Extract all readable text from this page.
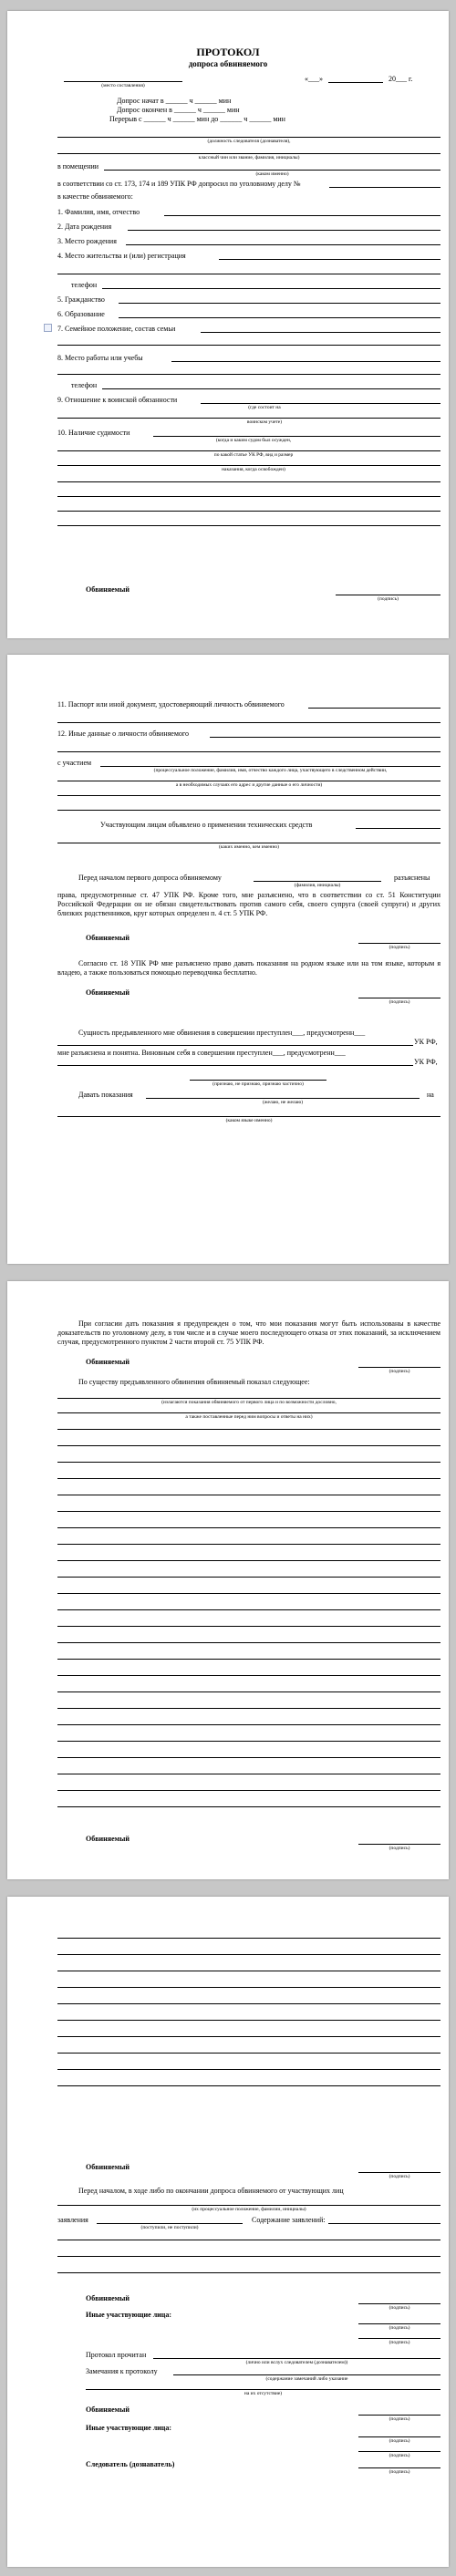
ПРОТОКОЛ
допроса обвиняемого
(место составления)
«___»	20___ г.
Допрос начат в ______ ч ______ мин
Допрос окончен в ______ ч ______ мин
Перерыв с ______ ч ______ мин до ______ ч ______ мин
(должность следователя (дознавателя),
классный чин или звание, фамилия, инициалы)
в помещении
(каком именно)
в соответствии со ст. 173, 174 и 189 УПК РФ допросил по уголовному делу №
в качестве обвиняемого:
1. Фамилия, имя, отчество
2. Дата рождения
3. Место рождения
4. Место жительства и (или) регистрация
телефон
5. Гражданство
6. Образование
7. Семейное положение, состав семьи
8. Место работы или учебы
телефон
9. Отношение к воинской обязанности
(где состоит на
воинском учете)
10. Наличие судимости
(когда и каким судом был осужден,
по какой статье УК РФ, вид и размер
наказания, когда освобожден)
Обвиняемый
(подпись)
11. Паспорт или иной документ, удостоверяющий личность обвиняемого
12. Иные данные о личности обвиняемого
с участием
(процессуальное положение, фамилия, имя, отчество каждого лица, участвующего в следственном действии,
а в необходимых случаях его адрес и другие данные о его личности)
Участвующим лицам объявлено о применении технических средств
(каких именно, кем именно)
Перед началом первого допроса обвиняемому
(фамилия, инициалы)
разъяснены
права, предусмотренные ст. 47 УПК РФ. Кроме того, мне разъяснено, что в соответствии со ст. 51 Конституции Российской Федерации он не обязан свидетельствовать против самого себя, своего супруга (своей супруги) и других близких родственников, круг которых определен п. 4 ст. 5 УПК РФ.
Обвиняемый
(подпись)
Согласно ст. 18 УПК РФ мне разъяснено право давать показания на родном языке или на том языке, которым я владею, а также пользоваться помощью переводчика бесплатно.
Обвиняемый
(подпись)
Сущность предъявленного мне обвинения в совершении преступлен___, предусмотренн___
УК РФ,
мне разъяснена и понятна. Виновным себя в совершении преступлен___, предусмотренн___
УК РФ,
(признаю, не признаю, признаю частично)
Давать показания
(желаю, не желаю)
на
(каком языке именно)
При согласии дать показания я предупрежден о том, что мои показания могут быть использованы в качестве доказательств по уголовному делу, в том числе и в случае моего последующего отказа от этих показаний, за исключением случая, предусмотренного пунктом 2 части второй ст. 75 УПК РФ.
Обвиняемый
(подпись)
По существу предъявленного обвинения обвиняемый показал следующее:
(излагаются показания обвиняемого от первого лица и по возможности дословно,
а также поставленные перед ним вопросы и ответы на них)
Обвиняемый
(подпись)
Обвиняемый
(подпись)
Перед началом, в ходе либо по окончании допроса обвиняемого от участвующих лиц
(их процессуальное положение, фамилии, инициалы)
заявления
(поступили, не поступили)
Содержание заявлений:
Обвиняемый
(подпись)
Иные участвующие лица:
(подпись)
(подпись)
Протокол прочитан
(лично или вслух следователем (дознавателем))
Замечания к протоколу
(содержание замечаний либо указание
на их отсутствие)
Обвиняемый
(подпись)
Иные участвующие лица:
(подпись)
(подпись)
Следователь (дознаватель)
(подпись)
